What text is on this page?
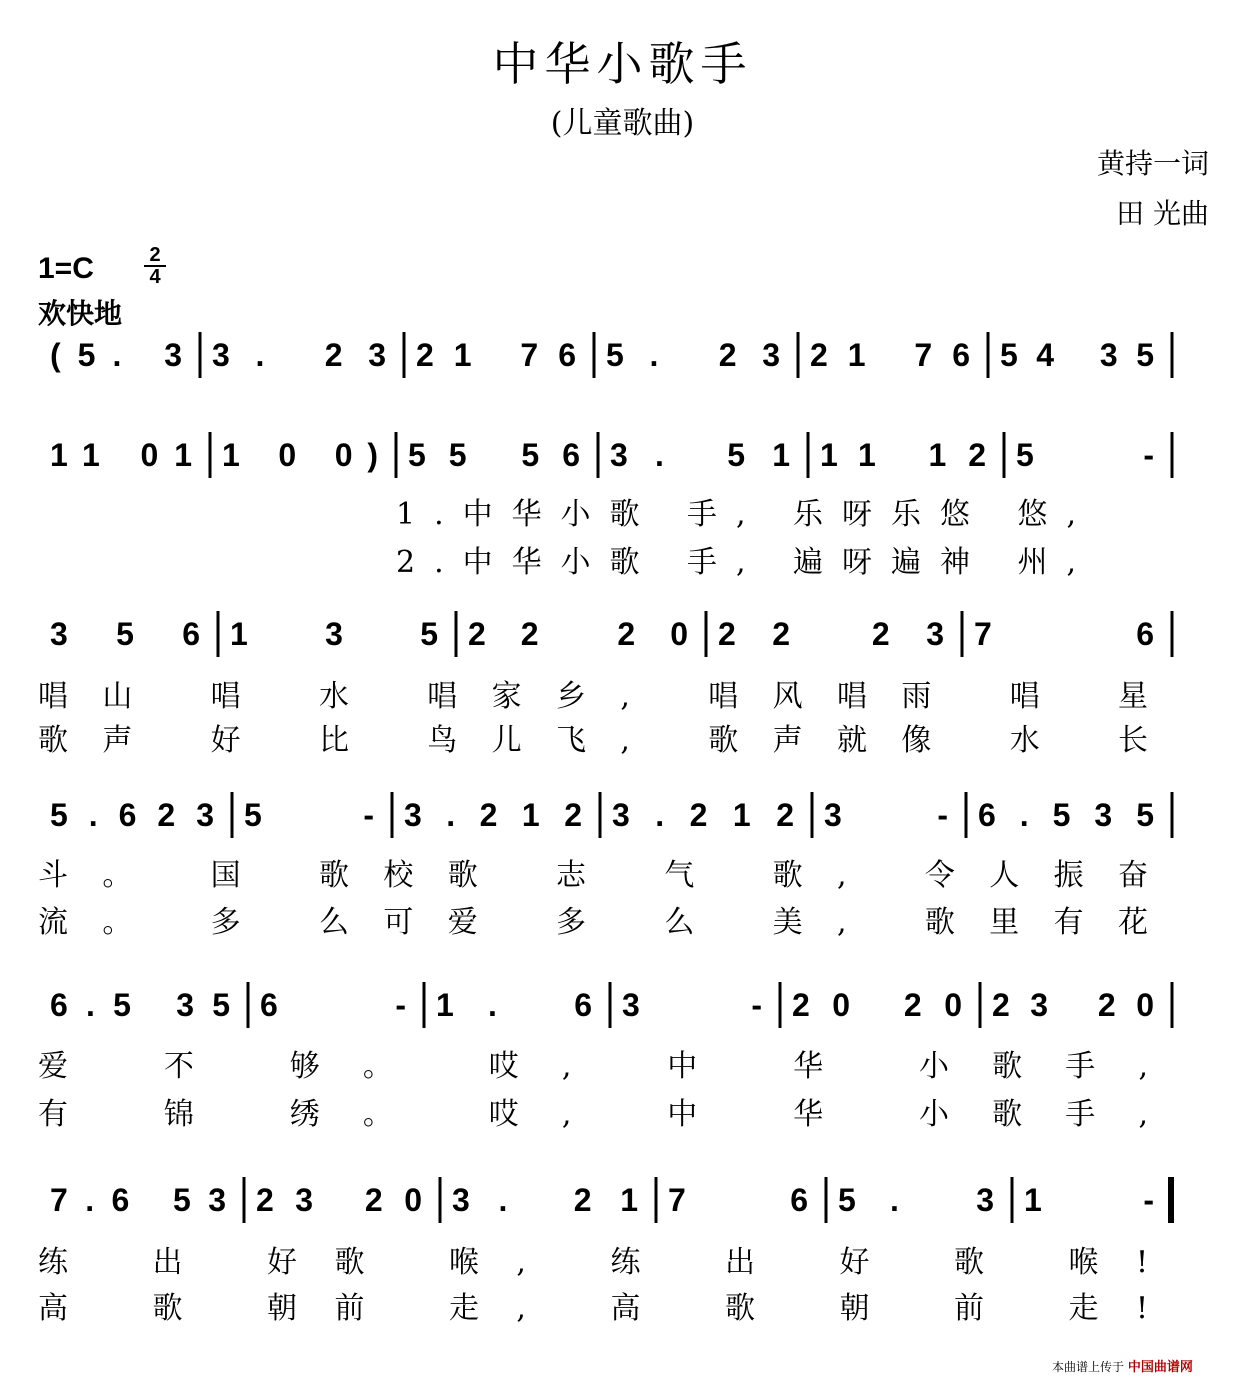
中华小歌手
(儿童歌曲)
黄持一词
田 光曲
1=C	2
4
欢快地
(5. 3 3. 23 21 76 5. 23 21 76 54 35
11 01 1 0 0) 55 56 3. 51 11 12 5 -
1.中华小歌 手, 乐呀乐悠 悠,
2.中华小歌 手, 遍呀遍神 州,
3 5 6 1 3 5 22 20 22 23 7 6
唱山 唱 水 唱家乡, 唱风唱雨 唱 星
歌声 好 比 鸟儿飞, 歌声就像 水 长
5.623 5 - 3.212 3.212 3 - 6.535
斗。 国 歌校歌 志 气 歌, 令人振奋
流。 多 么可爱 多 么 美, 歌里有花
6.5 35 6 - 1. 6 3 - 20 20 23 20
爱 不 够。 哎, 中 华 小歌手,
有 锦 绣。 哎, 中 华 小歌手,
7.6 53 23 20 3. 21 7 6 5. 3 1 -
练 出 好歌 喉, 练 出 好 歌 喉!
高 歌 朝前 走, 高 歌 朝 前 走!
本曲谱上传于 中国曲谱网
